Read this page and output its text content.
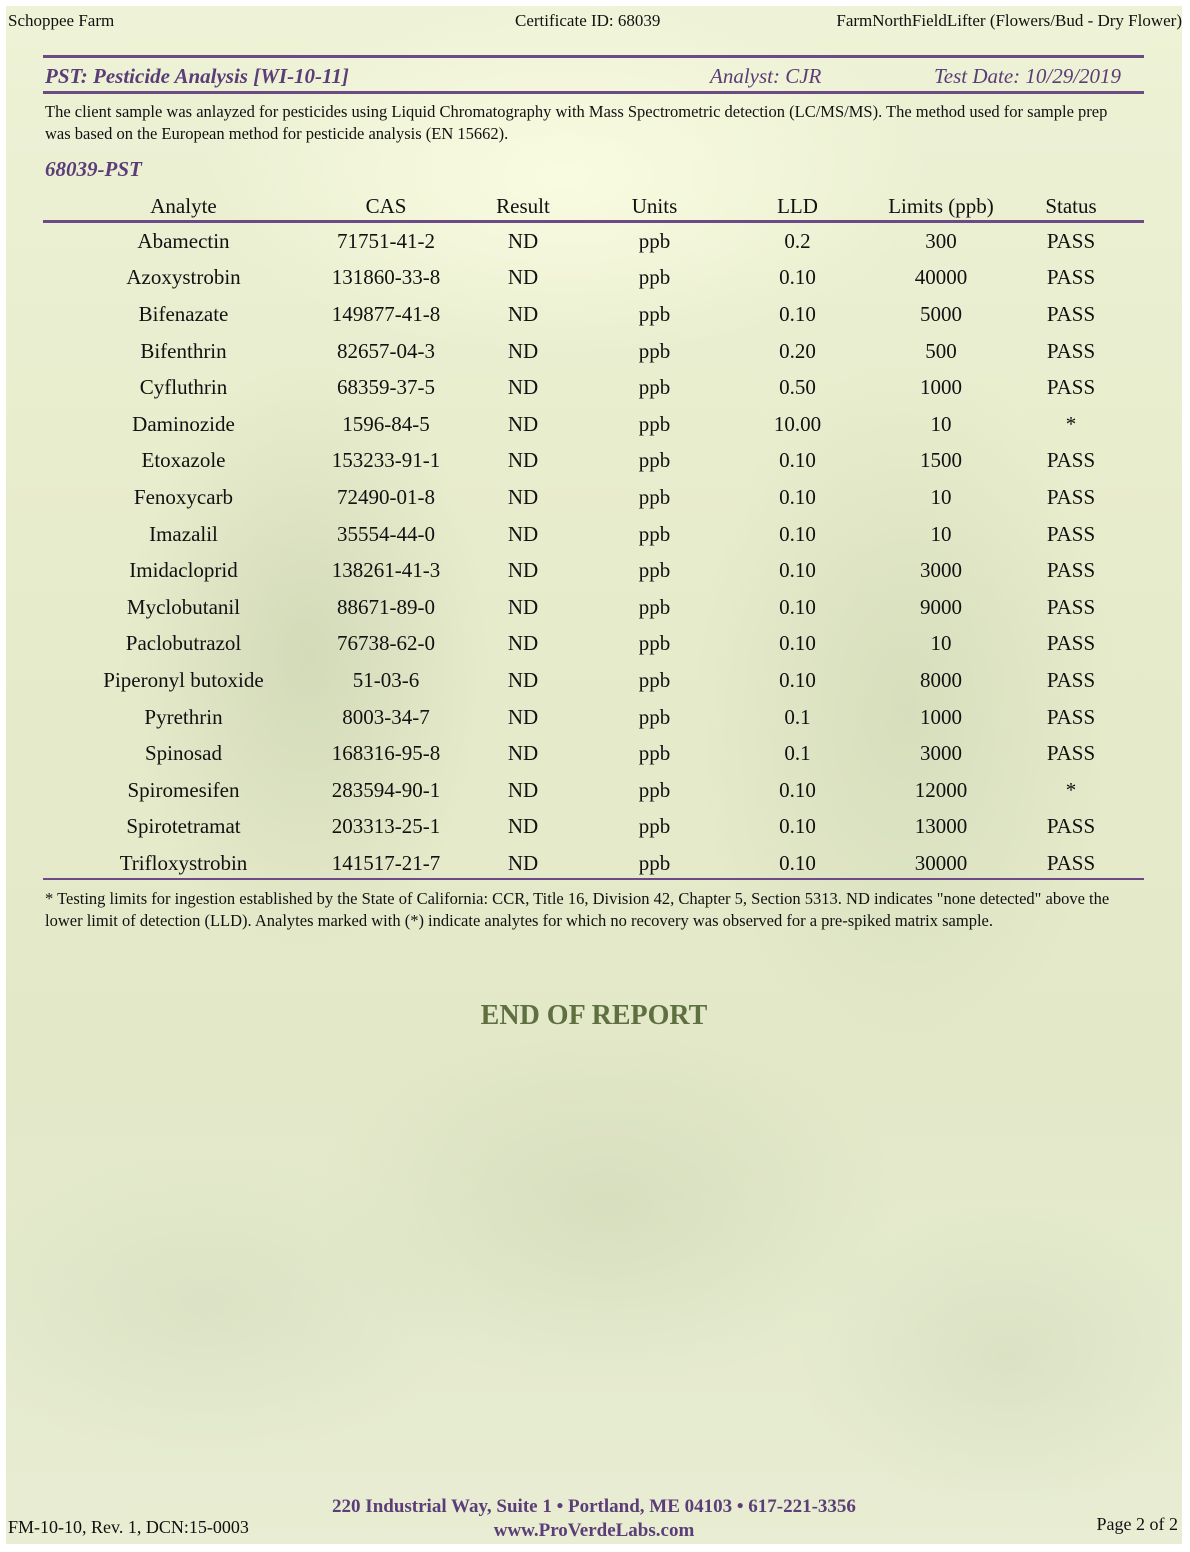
Schoppee Farm	Certificate ID: 68039	FarmNorthFieldLifter (Flowers/Bud - Dry Flower)
PST: Pesticide Analysis [WI-10-11]	Analyst: CJR	Test Date: 10/29/2019
The client sample was anlayzed for pesticides using Liquid Chromatography with Mass Spectrometric detection (LC/MS/MS). The method used for sample prep was based on the European method for pesticide analysis (EN 15662).
68039-PST
Analyte	CAS	Result	Units	LLD	Limits (ppb)	Status
Abamectin	71751-41-2	ND	ppb	0.2	300	PASS
Azoxystrobin	131860-33-8	ND	ppb	0.10	40000	PASS
Bifenazate	149877-41-8	ND	ppb	0.10	5000	PASS
Bifenthrin	82657-04-3	ND	ppb	0.20	500	PASS
Cyfluthrin	68359-37-5	ND	ppb	0.50	1000	PASS
Daminozide	1596-84-5	ND	ppb	10.00	10	*
Etoxazole	153233-91-1	ND	ppb	0.10	1500	PASS
Fenoxycarb	72490-01-8	ND	ppb	0.10	10	PASS
Imazalil	35554-44-0	ND	ppb	0.10	10	PASS
Imidacloprid	138261-41-3	ND	ppb	0.10	3000	PASS
Myclobutanil	88671-89-0	ND	ppb	0.10	9000	PASS
Paclobutrazol	76738-62-0	ND	ppb	0.10	10	PASS
Piperonyl butoxide	51-03-6	ND	ppb	0.10	8000	PASS
Pyrethrin	8003-34-7	ND	ppb	0.1	1000	PASS
Spinosad	168316-95-8	ND	ppb	0.1	3000	PASS
Spiromesifen	283594-90-1	ND	ppb	0.10	12000	*
Spirotetramat	203313-25-1	ND	ppb	0.10	13000	PASS
Trifloxystrobin	141517-21-7	ND	ppb	0.10	30000	PASS
* Testing limits for ingestion established by the State of California: CCR, Title 16, Division 42, Chapter 5, Section 5313. ND indicates "none detected" above the lower limit of detection (LLD). Analytes marked with (*) indicate analytes for which no recovery was observed for a pre-spiked matrix sample.
END OF REPORT
220 Industrial Way, Suite 1 • Portland, ME 04103 • 617-221-3356
www.ProVerdeLabs.com
FM-10-10, Rev. 1, DCN:15-0003	Page 2 of 2
